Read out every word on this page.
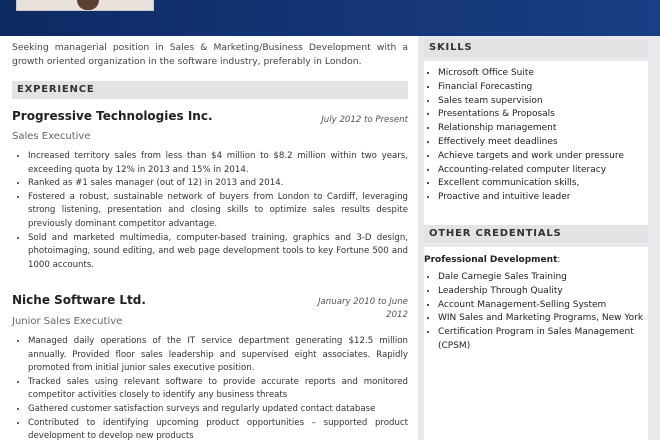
Seeking managerial position in Sales & Marketing/Business Development with a growth oriented organization in the software industry, preferably in London.
EXPERIENCE
Progressive Technologies Inc.	July 2012 to Present
Sales Executive
• Increased territory sales from less than $4 million to $8.2 million within two years, exceeding quota by 12% in 2013 and 15% in 2014.
• Ranked as #1 sales manager (out of 12) in 2013 and 2014.
• Fostered a robust, sustainable network of buyers from London to Cardiff, leveraging strong listening, presentation and closing skills to optimize sales results despite previously dominant competitor advantage.
• Sold and marketed multimedia, computer-based training, graphics and 3-D design, photoimaging, sound editing, and web page development tools to key Fortune 500 and 1000 accounts.
Niche Software Ltd.	January 2010 to June 2012
Junior Sales Executive
• Managed daily operations of the IT service department generating $12.5 million annually. Provided floor sales leadership and supervised eight associates. Rapidly promoted from initial junior sales executive position.
• Tracked sales using relevant software to provide accurate reports and monitored competitor activities closely to identify any business threats
• Gathered customer satisfaction surveys and regularly updated contact database
• Contributed to identifying upcoming product opportunities – supported product development to develop new products
SKILLS
• Microsoft Office Suite
• Financial Forecasting
• Sales team supervision
• Presentations & Proposals
• Relationship management
• Effectively meet deadlines
• Achieve targets and work under pressure
• Accounting-related computer literacy
• Excellent communication skills,
• Proactive and intuitive leader
OTHER CREDENTIALS
Professional Development:
• Dale Carnegie Sales Training
• Leadership Through Quality
• Account Management-Selling System
• WIN Sales and Marketing Programs, New York
• Certification Program in Sales Management (CPSM)
